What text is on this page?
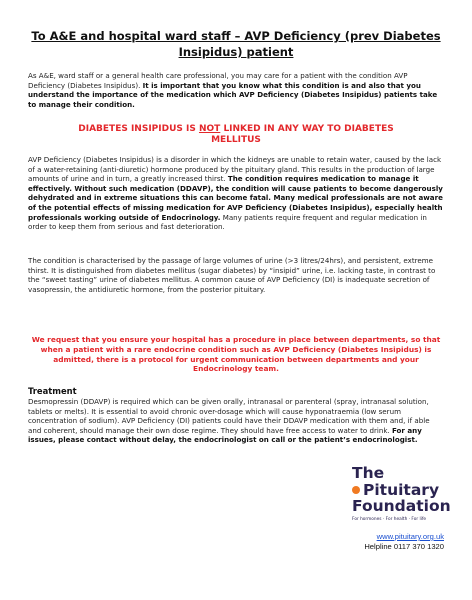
To A&E and hospital ward staff – AVP Deficiency (prev Diabetes Insipidus) patient

As A&E, ward staff or a general health care professional, you may care for a patient with the condition AVP Deficiency (Diabetes Insipidus). It is important that you know what this condition is and also that you understand the importance of the medication which AVP Deficiency (Diabetes Insipidus) patients take to manage their condition.

DIABETES INSIPIDUS IS NOT LINKED IN ANY WAY TO DIABETES MELLITUS

AVP Deficiency (Diabetes Insipidus) is a disorder in which the kidneys are unable to retain water, caused by the lack of a water-retaining (anti-diuretic) hormone produced by the pituitary gland. This results in the production of large amounts of urine and in turn, a greatly increased thirst. The condition requires medication to manage it effectively. Without such medication (DDAVP), the condition will cause patients to become dangerously dehydrated and in extreme situations this can become fatal. Many medical professionals are not aware of the potential effects of missing medication for AVP Deficiency (Diabetes Insipidus), especially health professionals working outside of Endocrinology. Many patients require frequent and regular medication in order to keep them from serious and fast deterioration.

The condition is characterised by the passage of large volumes of urine (>3 litres/24hrs), and persistent, extreme thirst. It is distinguished from diabetes mellitus (sugar diabetes) by “insipid” urine, i.e. lacking taste, in contrast to the “sweet tasting” urine of diabetes mellitus. A common cause of AVP Deficiency (DI) is inadequate secretion of vasopressin, the antidiuretic hormone, from the posterior pituitary.

We request that you ensure your hospital has a procedure in place between departments, so that when a patient with a rare endocrine condition such as AVP Deficiency (Diabetes Insipidus) is admitted, there is a protocol for urgent communication between departments and your Endocrinology team.

Treatment

Desmopressin (DDAVP) is required which can be given orally, intranasal or parenteral (spray, intranasal solution, tablets or melts). It is essential to avoid chronic over-dosage which will cause hyponatraemia (low serum concentration of sodium). AVP Deficiency (DI) patients could have their DDAVP medication with them and, if able and coherent, should manage their own dose regime. They should have free access to water to drink. For any issues, please contact without delay, the endocrinologist on call or the patient’s endocrinologist.

The
Pituitary
Foundation
For hormones · For health · For life
www.pituitary.org.uk
Helpline 0117 370 1320
